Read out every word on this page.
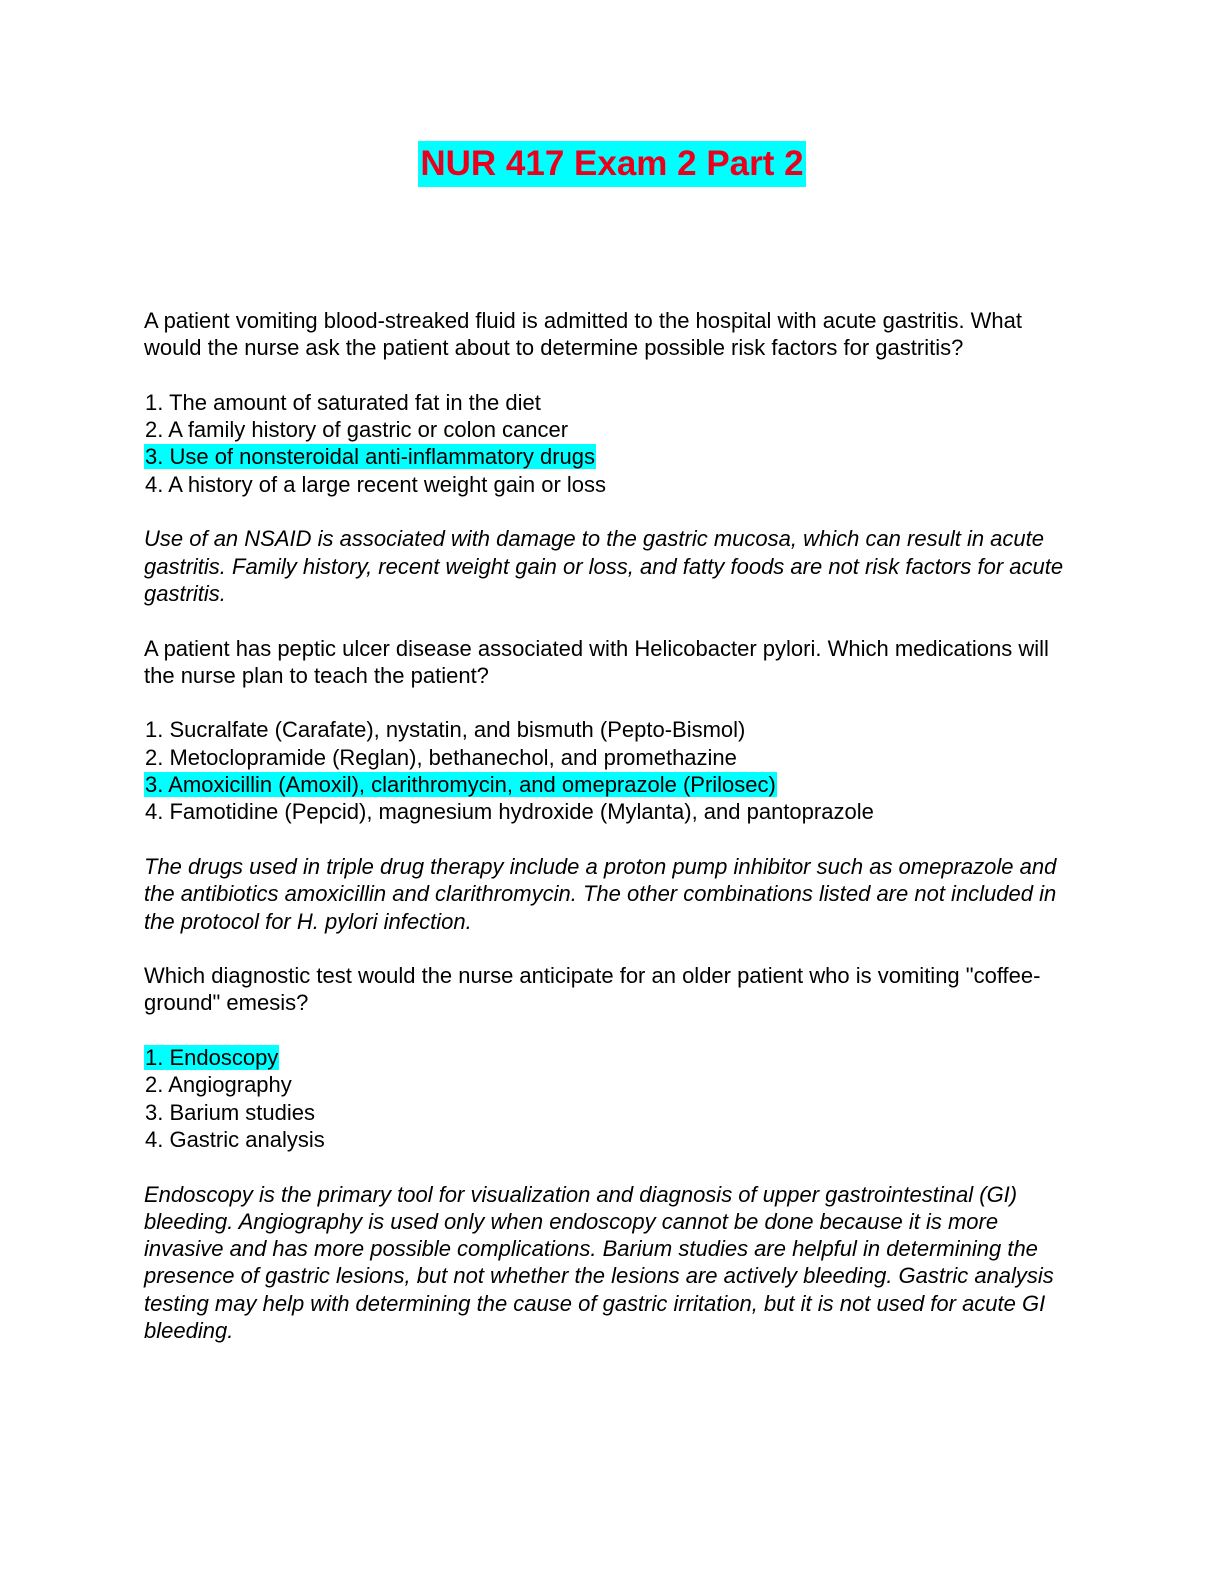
NUR 417 Exam 2 Part 2

A patient vomiting blood-streaked fluid is admitted to the hospital with acute gastritis. What would the nurse ask the patient about to determine possible risk factors for gastritis?

1. The amount of saturated fat in the diet
2. A family history of gastric or colon cancer
3. Use of nonsteroidal anti-inflammatory drugs
4. A history of a large recent weight gain or loss

Use of an NSAID is associated with damage to the gastric mucosa, which can result in acute gastritis. Family history, recent weight gain or loss, and fatty foods are not risk factors for acute gastritis.

A patient has peptic ulcer disease associated with Helicobacter pylori. Which medications will the nurse plan to teach the patient?

1. Sucralfate (Carafate), nystatin, and bismuth (Pepto-Bismol)
2. Metoclopramide (Reglan), bethanechol, and promethazine
3. Amoxicillin (Amoxil), clarithromycin, and omeprazole (Prilosec)
4. Famotidine (Pepcid), magnesium hydroxide (Mylanta), and pantoprazole

The drugs used in triple drug therapy include a proton pump inhibitor such as omeprazole and the antibiotics amoxicillin and clarithromycin. The other combinations listed are not included in the protocol for H. pylori infection.

Which diagnostic test would the nurse anticipate for an older patient who is vomiting "coffee-ground" emesis?

1. Endoscopy
2. Angiography
3. Barium studies
4. Gastric analysis

Endoscopy is the primary tool for visualization and diagnosis of upper gastrointestinal (GI) bleeding. Angiography is used only when endoscopy cannot be done because it is more invasive and has more possible complications. Barium studies are helpful in determining the presence of gastric lesions, but not whether the lesions are actively bleeding. Gastric analysis testing may help with determining the cause of gastric irritation, but it is not used for acute GI bleeding.
